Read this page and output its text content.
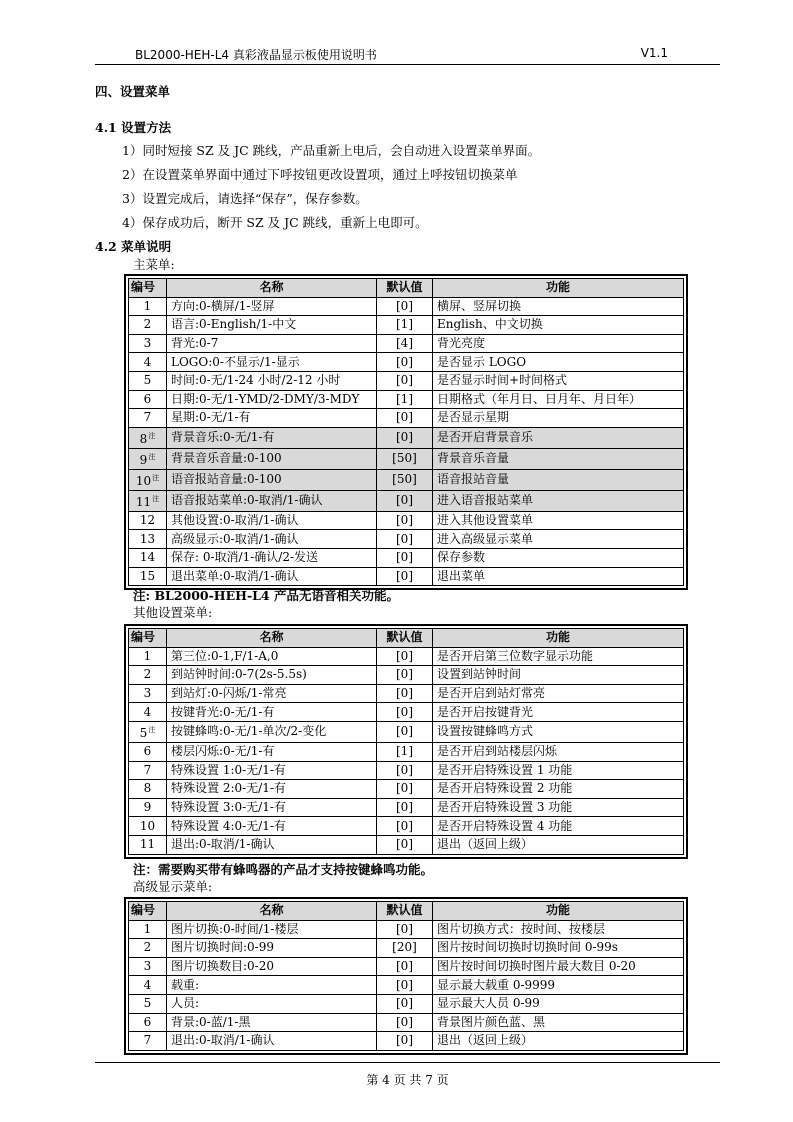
BL2000-HEH-L4 真彩液晶显示板使用说明书	V1.1
四、设置菜单
4.1 设置方法
1）同时短接 SZ 及 JC 跳线，产品重新上电后，会自动进入设置菜单界面。
2）在设置菜单界面中通过下呼按钮更改设置项，通过上呼按钮切换菜单
3）设置完成后，请选择“保存”，保存参数。
4）保存成功后，断开 SZ 及 JC 跳线，重新上电即可。
4.2 菜单说明
主菜单:
编号	名称	默认值	功能
1	方向:0-横屏/1-竖屏	[0]	横屏、竖屏切换
2	语言:0-English/1-中文	[1]	English、中文切换
3	背光:0-7	[4]	背光亮度
4	LOGO:0-不显示/1-显示	[0]	是否显示 LOGO
5	时间:0-无/1-24 小时/2-12 小时	[0]	是否显示时间+时间格式
6	日期:0-无/1-YMD/2-DMY/3-MDY	[1]	日期格式（年月日、日月年、月日年）
7	星期:0-无/1-有	[0]	是否显示星期
$8^注$	背景音乐:0-无/1-有	[0]	是否开启背景音乐
$9^注$	背景音乐音量:0-100	[50]	背景音乐音量
$10^注$	语音报站音量:0-100	[50]	语音报站音量
$11^注$	语音报站菜单:0-取消/1-确认	[0]	进入语音报站菜单
12	其他设置:0-取消/1-确认	[0]	进入其他设置菜单
13	高级显示:0-取消/1-确认	[0]	进入高级显示菜单
14	保存: 0-取消/1-确认/2-发送	[0]	保存参数
15	退出菜单:0-取消/1-确认	[0]	退出菜单
注: BL2000-HEH-L4 产品无语音相关功能。
其他设置菜单:
编号	名称	默认值	功能
1	第三位:0-1,F/1-A,0	[0]	是否开启第三位数字显示功能
2	到站钟时间:0-7(2s-5.5s)	[0]	设置到站钟时间
3	到站灯:0-闪烁/1-常亮	[0]	是否开启到站灯常亮
4	按键背光:0-无/1-有	[0]	是否开启按键背光
$5^注$	按键蜂鸣:0-无/1-单次/2-变化	[0]	设置按键蜂鸣方式
6	楼层闪烁:0-无/1-有	[1]	是否开启到站楼层闪烁
7	特殊设置 1:0-无/1-有	[0]	是否开启特殊设置 1 功能
8	特殊设置 2:0-无/1-有	[0]	是否开启特殊设置 2 功能
9	特殊设置 3:0-无/1-有	[0]	是否开启特殊设置 3 功能
10	特殊设置 4:0-无/1-有	[0]	是否开启特殊设置 4 功能
11	退出:0-取消/1-确认	[0]	退出（返回上级）
注：需要购买带有蜂鸣器的产品才支持按键蜂鸣功能。
高级显示菜单:
编号	名称	默认值	功能
1	图片切换:0-时间/1-楼层	[0]	图片切换方式：按时间、按楼层
2	图片切换时间:0-99	[20]	图片按时间切换时切换时间 0-99s
3	图片切换数目:0-20	[0]	图片按时间切换时图片最大数目 0-20
4	载重:	[0]	显示最大载重 0-9999
5	人员:	[0]	显示最大人员 0-99
6	背景:0-蓝/1-黑	[0]	背景图片颜色蓝、黑
7	退出:0-取消/1-确认	[0]	退出（返回上级）
第 4 页 共 7 页
